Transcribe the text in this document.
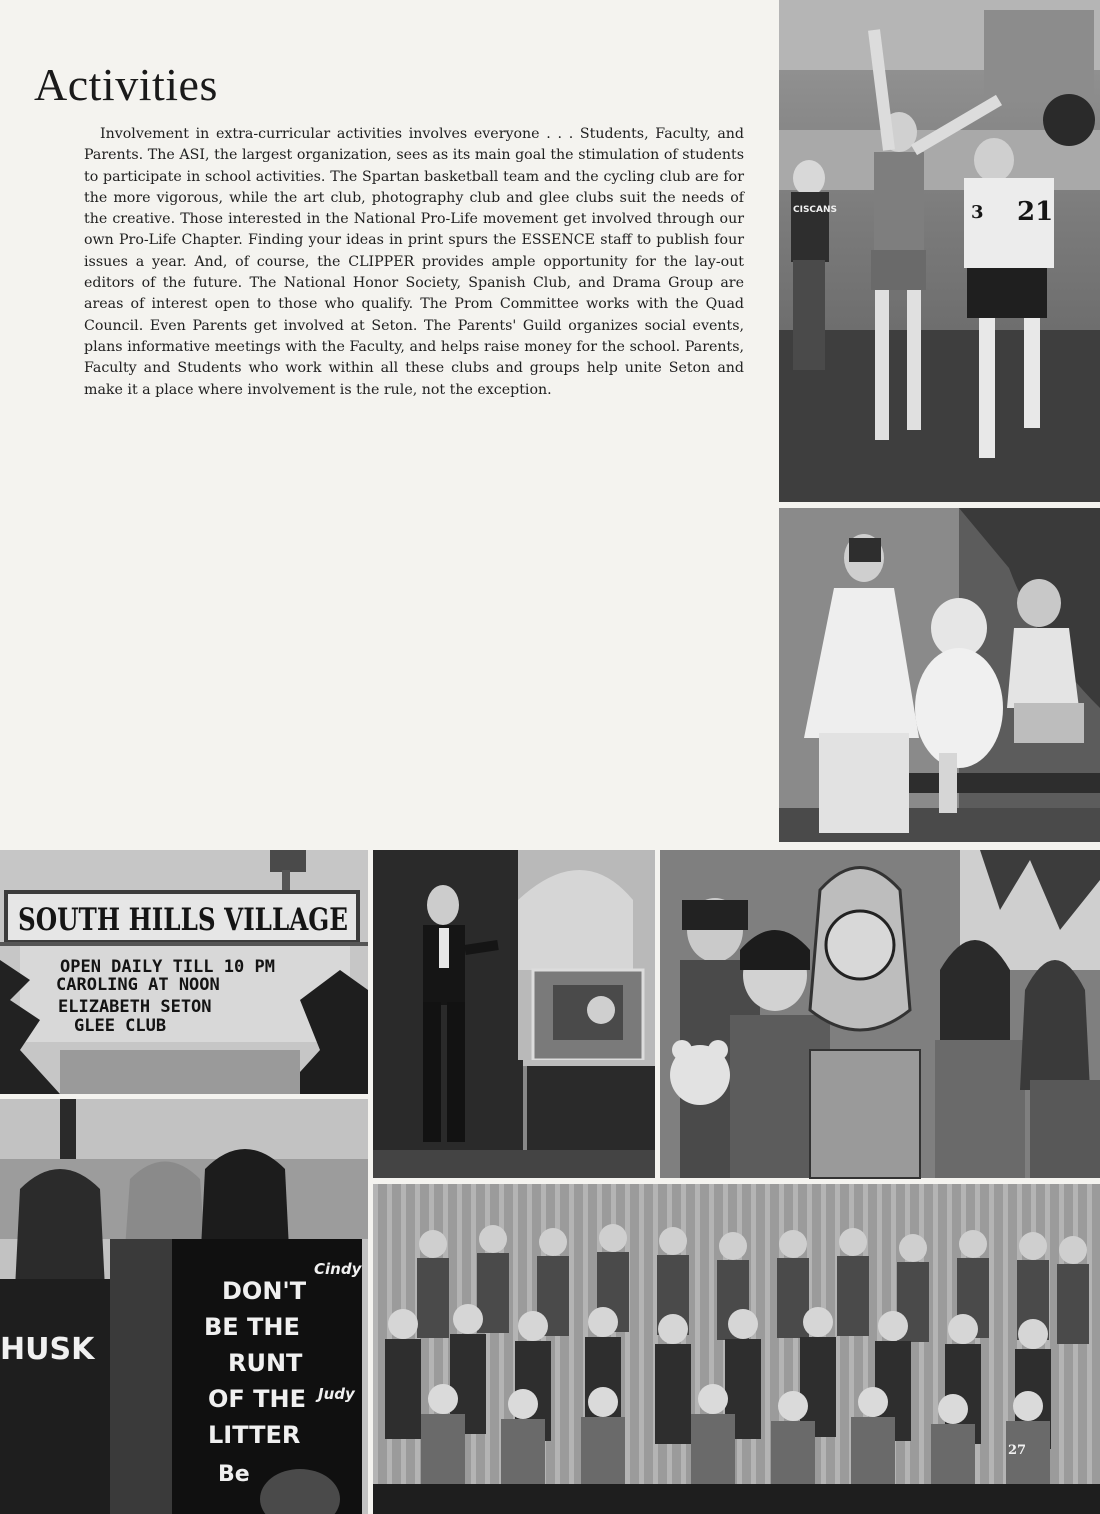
Activities

Involvement in extra-curricular activities involves everyone . . . Students, Faculty, and Parents. The ASI, the largest organization, sees as its main goal the stimulation of students to participate in school activities. The Spartan basketball team and the cycling club are for the more vigorous, while the art club, photography club and glee clubs suit the needs of the creative. Those interested in the National Pro-Life movement get involved through our own Pro-Life Chapter. Finding your ideas in print spurs the ESSENCE staff to publish four issues a year. And, of course, the CLIPPER provides ample opportunity for the lay-out editors of the future. The National Honor Society, Spanish Club, and Drama Group are areas of interest open to those who qualify. The Prom Committee works with the Quad Council. Even Parents get involved at Seton. The Parents' Guild organizes social events, plans informative meetings with the Faculty, and helps raise money for the school. Parents, Faculty and Students who work within all these clubs and groups help unite Seton and make it a place where involvement is the rule, not the exception.

21
3
CISCANS
SOUTH HILLS VILLAGE
OPEN DAILY TILL 10 PM
CAROLING AT NOON
ELIZABETH SETON
GLEE CLUB
HUSK
DON'T
BE THE
RUNT
OF THE
LITTER
Be
Cindy
Judy
27
